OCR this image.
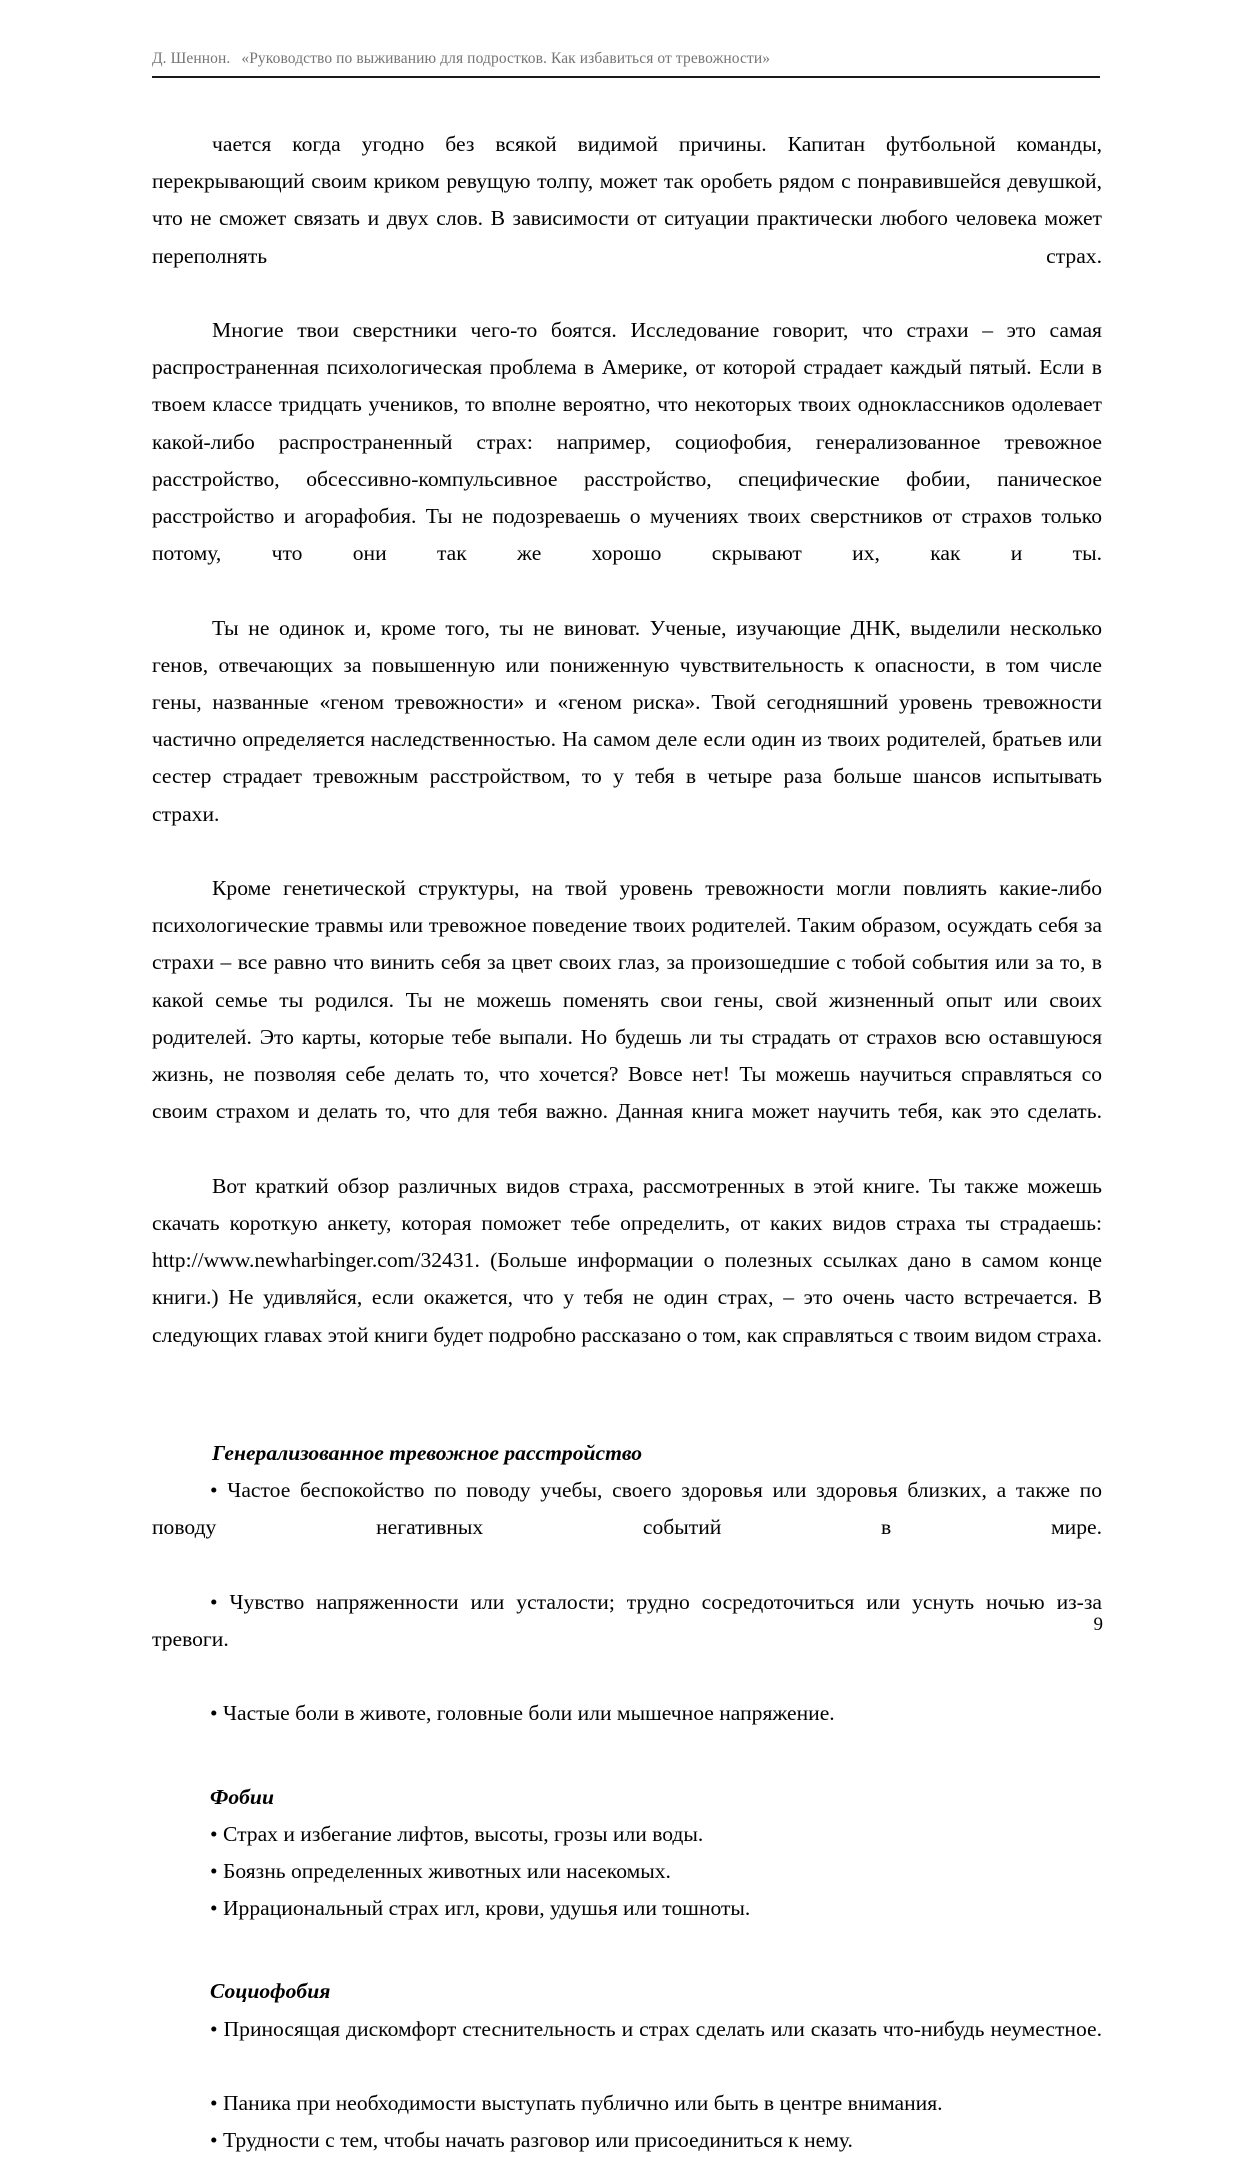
Д. Шеннон. «Руководство по выживанию для подростков. Как избавиться от тревожности»

чается когда угодно без всякой видимой причины. Капитан футбольной команды, перекрывающий своим криком ревущую толпу, может так оробеть рядом с понравившейся девушкой, что не сможет связать и двух слов. В зависимости от ситуации практически любого человека может переполнять страх.

Многие твои сверстники чего-то боятся. Исследование говорит, что страхи – это самая распространенная психологическая проблема в Америке, от которой страдает каждый пятый. Если в твоем классе тридцать учеников, то вполне вероятно, что некоторых твоих одноклассников одолевает какой-либо распространенный страх: например, социофобия, генерализованное тревожное расстройство, обсессивно-компульсивное расстройство, специфические фобии, паническое расстройство и агорафобия. Ты не подозреваешь о мучениях твоих сверстников от страхов только потому, что они так же хорошо скрывают их, как и ты.

Ты не одинок и, кроме того, ты не виноват. Ученые, изучающие ДНК, выделили несколько генов, отвечающих за повышенную или пониженную чувствительность к опасности, в том числе гены, названные «геном тревожности» и «геном риска». Твой сегодняшний уровень тревожности частично определяется наследственностью. На самом деле если один из твоих родителей, братьев или сестер страдает тревожным расстройством, то у тебя в четыре раза больше шансов испытывать страхи.

Кроме генетической структуры, на твой уровень тревожности могли повлиять какие-либо психологические травмы или тревожное поведение твоих родителей. Таким образом, осуждать себя за страхи – все равно что винить себя за цвет своих глаз, за произошедшие с тобой события или за то, в какой семье ты родился. Ты не можешь поменять свои гены, свой жизненный опыт или своих родителей. Это карты, которые тебе выпали. Но будешь ли ты страдать от страхов всю оставшуюся жизнь, не позволяя себе делать то, что хочется? Вовсе нет! Ты можешь научиться справляться со своим страхом и делать то, что для тебя важно. Данная книга может научить тебя, как это сделать.

Вот краткий обзор различных видов страха, рассмотренных в этой книге. Ты также можешь скачать короткую анкету, которая поможет тебе определить, от каких видов страха ты страдаешь: http://www.newharbinger.com/32431. (Больше информации о полезных ссылках дано в самом конце книги.) Не удивляйся, если окажется, что у тебя не один страх, – это очень часто встречается. В следующих главах этой книги будет подробно рассказано о том, как справляться с твоим видом страха.

Генерализованное тревожное расстройство
• Частое беспокойство по поводу учебы, своего здоровья или здоровья близких, а также по поводу негативных событий в мире.
• Чувство напряженности или усталости; трудно сосредоточиться или уснуть ночью из-за тревоги.
• Частые боли в животе, головные боли или мышечное напряжение.
Фобии
• Страх и избегание лифтов, высоты, грозы или воды.
• Боязнь определенных животных или насекомых.
• Иррациональный страх игл, крови, удушья или тошноты.
Социофобия
• Приносящая дискомфорт стеснительность и страх сделать или сказать что-нибудь неуместное.
• Паника при необходимости выступать публично или быть в центре внимания.
• Трудности с тем, чтобы начать разговор или присоединиться к нему.
9
